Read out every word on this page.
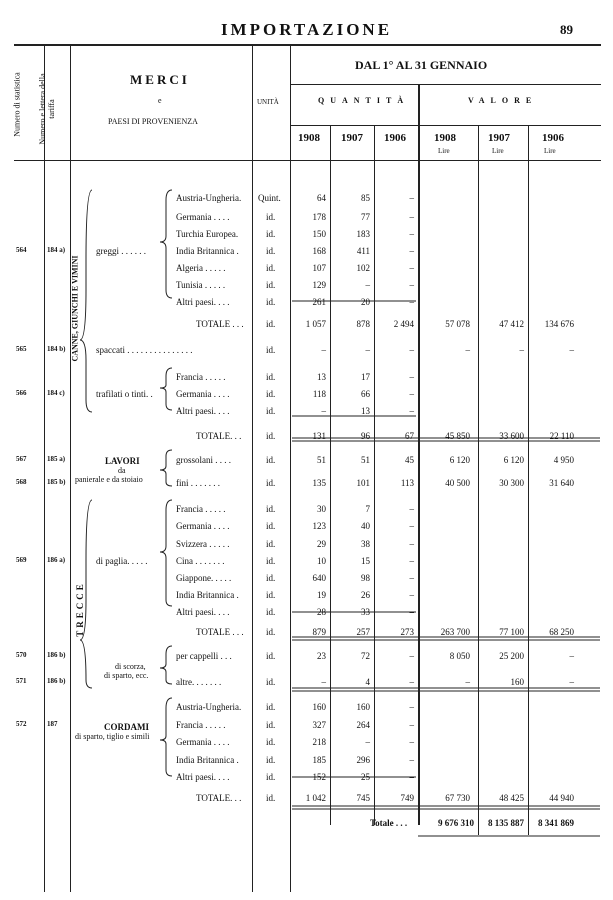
IMPORTAZIONE	89
Numero di statistica Numero e lettera della tariffa
MERCI
e
PAESI DI PROVENIENZA
UNITÀ
DAL 1° AL 31 GENNAIO
QUANTITÀ	VALORE
1908 1907 1906	1908	1907	1906
Lire	Lire	Lire
CANNE, GIUNCHI E VIMINI
TRECCE
LAVORI
da
panierale e da stoiaio
di scorza,
di sparto, ecc.
CORDAMI
di sparto, tiglio e simili
Austria-Ungheria. Quint.	64	85	–
Germania . . . .	id.	178	77	–
Turchia Europea.	id.	150	183	–
564	184 a)	greggi . . . . . .	India Britannica .	id.	168	411	–
Algeria . . . . .	id.	107	102	–
Tunisia . . . . .	id.	129	–	–
Altri paesi. . . .	id.	261	20	–
TOTALE . . . id.	1 057	878	2 494	57 078	47 412	134 676
565	184 b)	spaccati . . . . . . . . . . . . . . .	id.	–	–	–	–	–	–
Francia . . . . .	id.	13	17	–
566	184 c)	trafilati o tinti. .	Germania . . . .	id.	118	66	–
Altri paesi. . . .	id.	–	13	–
TOTALE. . .	id.	131	96	67	45 850	33 600	22 110
567	185 a)	grossolani . . . .	id.	51	51	45	6 120	6 120	4 950
568	185 b)	fini . . . . . . .	id.	135	101	113	40 500	30 300	31 640
Francia . . . . .	id.	30	7	–
Germania . . . .	id.	123	40	–
Svizzera . . . . .	id.	29	38	–
569	186 a)	di paglia. . . . .	Cina . . . . . . .	id.	10	15	–
Giappone. . . . .	id.	640	98	–
India Britannica .	id.	19	26	–
Altri paesi. . . .	id.	28	33	–
TOTALE . . . id.	879	257	273	263 700	77 100	68 250
570	186 b)	per cappelli . . .	id.	23	72	–	8 050	25 200	–
571	186 b)	altre. . . . . . .	id.	–	4	–	–	160	–
Austria-Ungheria.	id.	160	160	–
572	187	Francia . . . . .	id.	327	264	–
Germania . . . .	id.	218	–	–
India Britannica .	id.	185	296	–
Altri paesi. . . .	id.	152	25	–
TOTALE. . .	id.	1 042	745	749	67 730	48 425	44 940
Totale . . .	9 676 310	8 135 887	8 341 869
